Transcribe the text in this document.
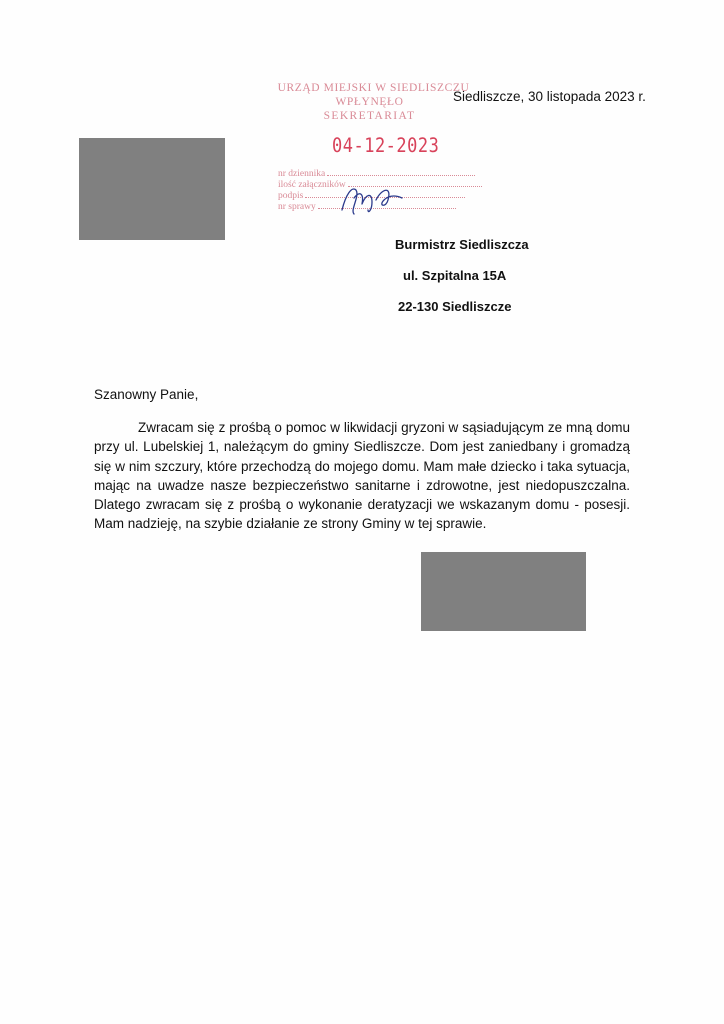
URZĄD MIEJSKI W SIEDLISZCZU
WPŁYNĘŁO
SEKRETARIAT
04-12-2023
nr dziennika
ilość załączników
podpis
nr sprawy
Siedliszcze, 30 listopada 2023 r.
Burmistrz Siedliszcza
ul. Szpitalna 15A
22-130 Siedliszcze
Szanowny Panie,

Zwracam się z prośbą o pomoc w likwidacji gryzoni w sąsiadującym ze mną domu przy ul. Lubelskiej 1, należącym do gminy Siedliszcze. Dom jest zaniedbany i gromadzą się w nim szczury, które przechodzą do mojego domu. Mam małe dziecko i taka sytuacja, mając na uwadze nasze bezpieczeństwo sanitarne i zdrowotne, jest niedopuszczalna. Dlatego zwracam się z prośbą o wykonanie deratyzacji we wskazanym domu - posesji. Mam nadzieję, na szybie działanie ze strony Gminy w tej sprawie.
